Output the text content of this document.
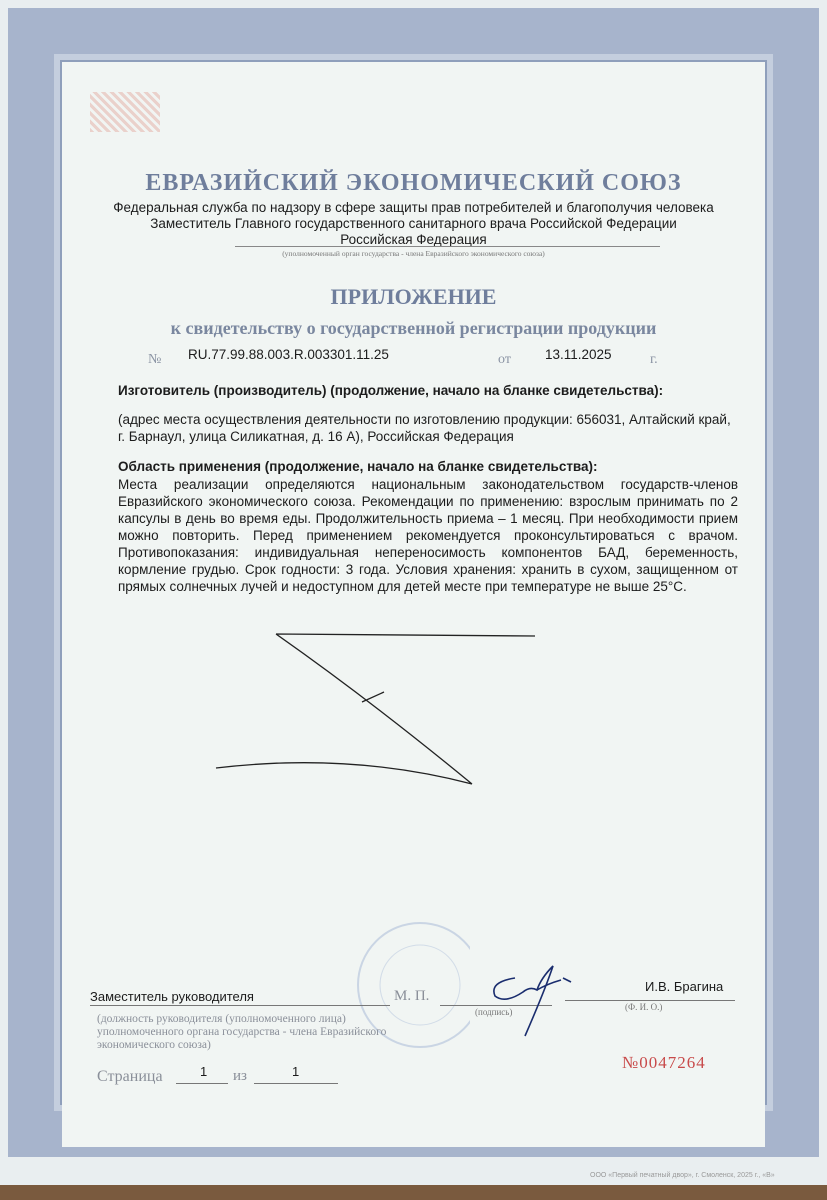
ЕВРАЗИЙСКИЙ ЭКОНОМИЧЕСКИЙ СОЮЗ
Федеральная служба по надзору в сфере защиты прав потребителей и благополучия человека
Заместитель Главного государственного санитарного врача Российской Федерации
Российская Федерация
(уполномоченный орган государства - члена Евразийского экономического союза)
ПРИЛОЖЕНИЕ
к свидетельству о государственной регистрации продукции
№ RU.77.99.88.003.R.003301.11.25	от	13.11.2025	г.
Изготовитель (производитель) (продолжение, начало на бланке свидетельства):
(адрес места осуществления деятельности по изготовлению продукции: 656031, Алтайский край, г. Барнаул, улица Силикатная, д. 16 А), Российская Федерация
Область применения (продолжение, начало на бланке свидетельства):
Места реализации определяются национальным законодательством государств-членов Евразийского экономического союза. Рекомендации по применению: взрослым принимать по 2 капсулы в день во время еды. Продолжительность приема – 1 месяц. При необходимости прием можно повторить. Перед применением рекомендуется проконсультироваться с врачом. Противопоказания: индивидуальная непереносимость компонентов БАД, беременность, кормление грудью. Срок годности: 3 года. Условия хранения: хранить в сухом, защищенном от прямых солнечных лучей и недоступном для детей месте при температуре не выше 25°С.
Заместитель руководителя	М. П.
(подпись)
И.В. Брагина
(Ф. И. О.)
(должность руководителя (уполномоченного лица) уполномоченного органа государства - члена Евразийского экономического союза)
Страница	1 из	1	№0047264
ООО «Первый печатный двор», г. Смоленск, 2025 г., «В»
